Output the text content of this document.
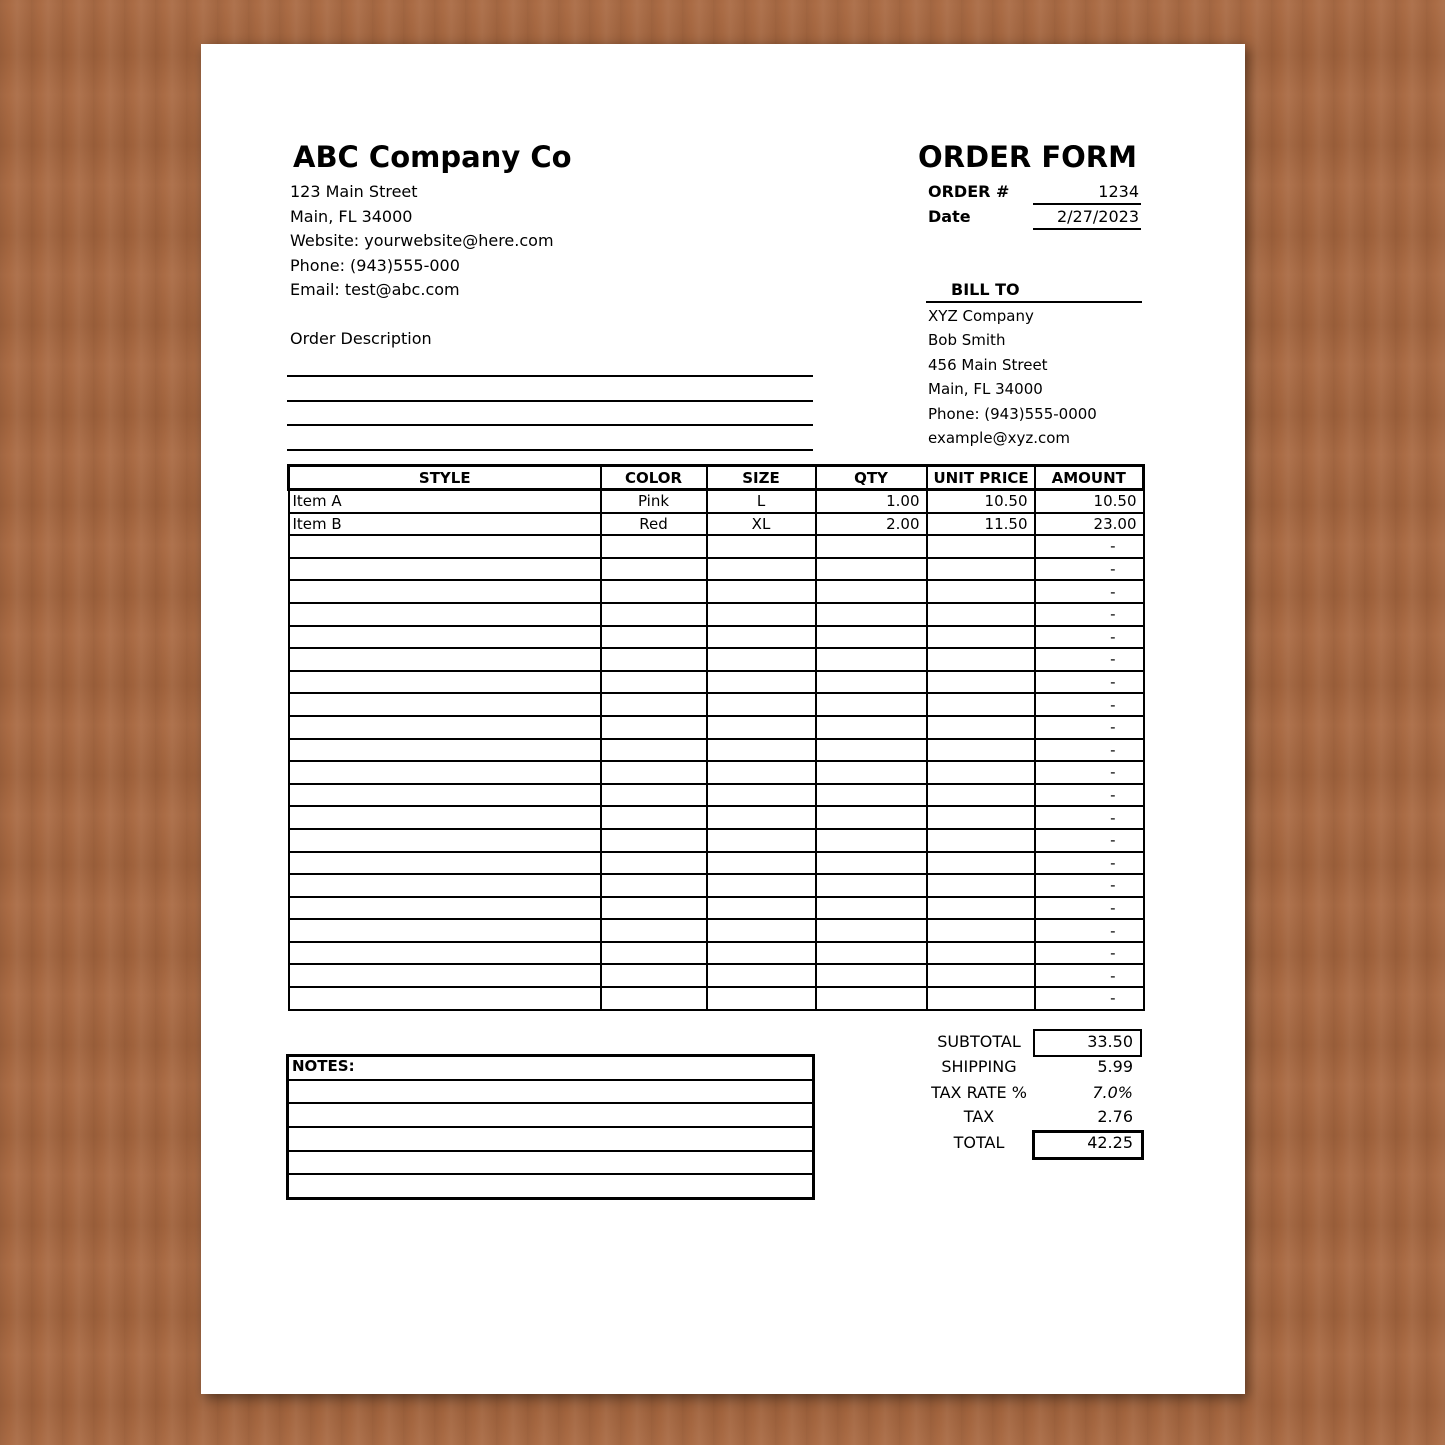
ABC Company Co
123 Main Street
Main, FL 34000
Website: yourwebsite@here.com
Phone: (943)555-000
Email: test@abc.com
ORDER FORM
ORDER #	1234
Date	2/27/2023
BILL TO
XYZ Company
Bob Smith
456 Main Street
Main, FL 34000
Phone: (943)555-0000
example@xyz.com
Order Description
STYLE	COLOR	SIZE	QTY	UNIT PRICE	AMOUNT
Item A	Pink	L	1.00	10.50	10.50
Item B	Red	XL	2.00	11.50	23.00
					-
					-
					-
					-
					-
					-
					-
					-
					-
					-
					-
					-
					-
					-
					-
					-
					-
					-
					-
					-
					-
SUBTOTAL	33.50
SHIPPING	5.99
TAX RATE %	7.0%
TAX	2.76
TOTAL	42.25
NOTES:
